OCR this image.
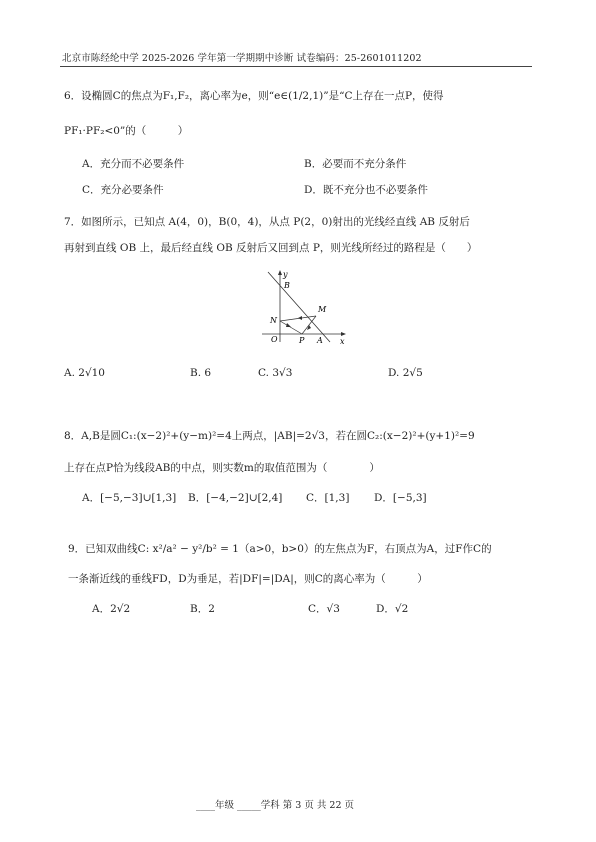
北京市陈经纶中学 2025-2026 学年第一学期期中诊断 试卷编码：25-2601011202
6．设椭圆C的焦点为F₁,F₂，离心率为e，则“e∈(1/2,1)”是“C上存在一点P，使得
PF₁·PF₂<0”的（　　　）
A．充分而不必要条件	B．必要而不充分条件
C．充分必要条件	D．既不充分也不必要条件
7．如图所示，已知点 A(4，0)，B(0，4)，从点 P(2，0)射出的光线经直线 AB 反射后
再射到直线 OB 上，最后经直线 OB 反射后又回到点 P，则光线所经过的路程是（　　）
y
B
M
N
O	P A x
A. 2√10	B. 6	C. 3√3	D. 2√5
8．A,B是圆C₁:(x−2)²+(y−m)²=4上两点，|AB|=2√3，若在圆C₂:(x−2)²+(y+1)²=9
上存在点P恰为线段AB的中点，则实数m的取值范围为（　　　　）
A．[−5,−3]∪[1,3] B．[−4,−2]∪[2,4] C．[1,3] D．[−5,3]
9．已知双曲线C: x²/a² − y²/b² = 1（a>0，b>0）的左焦点为F，右顶点为A，过F作C的
一条渐近线的垂线FD，D为垂足，若|DF|=|DA|，则C的离心率为（　　　）
A．2√2	B．2	C．√3	D．√2
____年级 _____学科 第 3 页 共 22 页
